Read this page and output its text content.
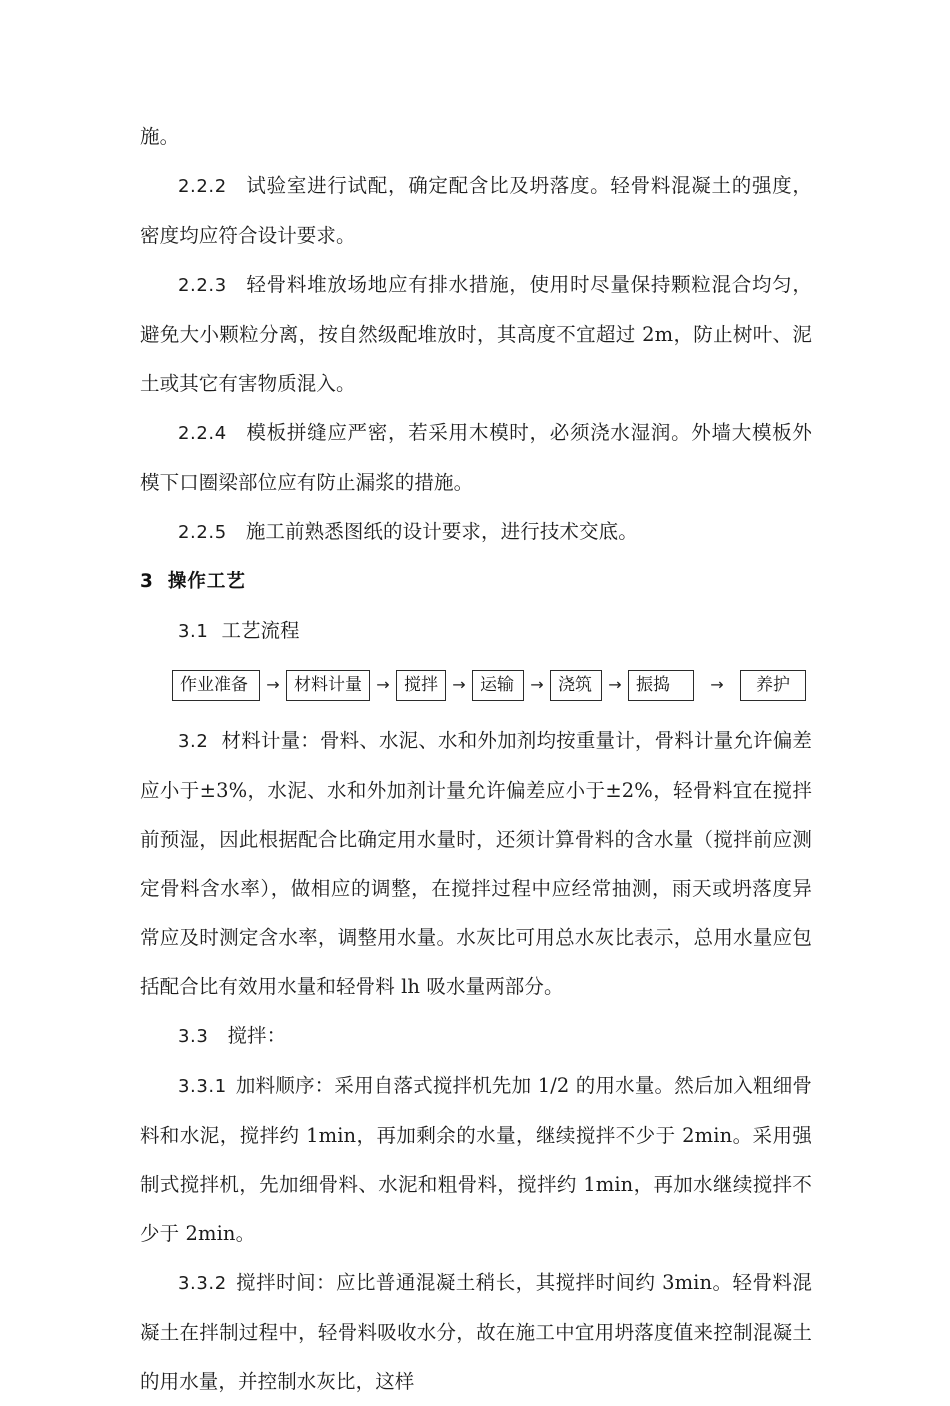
施。

2.2.2 试验室进行试配，确定配含比及坍落度。轻骨料混凝土的强度，密度均应符合设计要求。

2.2.3 轻骨料堆放场地应有排水措施，使用时尽量保持颗粒混合均匀，避免大小颗粒分离，按自然级配堆放时，其高度不宜超过 2m，防止树叶、泥土或其它有害物质混入。

2.2.4 模板拼缝应严密，若采用木模时，必须浇水湿润。外墙大模板外模下口圈梁部位应有防止漏浆的措施。

2.2.5 施工前熟悉图纸的设计要求，进行技术交底。

3 操作工艺

3.1 工艺流程

作业准备	→ 材料计量 → 搅拌 → 运输	→ 浇筑	→ 振捣	→	养护

3.2 材料计量：骨料、水泥、水和外加剂均按重量计，骨料计量允许偏差应小于±3%，水泥、水和外加剂计量允许偏差应小于±2%，轻骨料宜在搅拌前预湿，因此根据配合比确定用水量时，还须计算骨料的含水量（搅拌前应测定骨料含水率），做相应的调整，在搅拌过程中应经常抽测，雨天或坍落度异常应及时测定含水率，调整用水量。水灰比可用总水灰比表示，总用水量应包括配合比有效用水量和轻骨料 lh 吸水量两部分。

3.3 搅拌：

3.3.1 加料顺序：采用自落式搅拌机先加 1/2 的用水量。然后加入粗细骨料和水泥，搅拌约 1min，再加剩余的水量，继续搅拌不少于 2min。采用强制式搅拌机，先加细骨料、水泥和粗骨料，搅拌约 1min，再加水继续搅拌不少于 2min。

3.3.2 搅拌时间：应比普通混凝土稍长，其搅拌时间约 3min。轻骨料混凝土在拌制过程中，轻骨料吸收水分，故在施工中宜用坍落度值来控制混凝土的用水量，并控制水灰比，这样
